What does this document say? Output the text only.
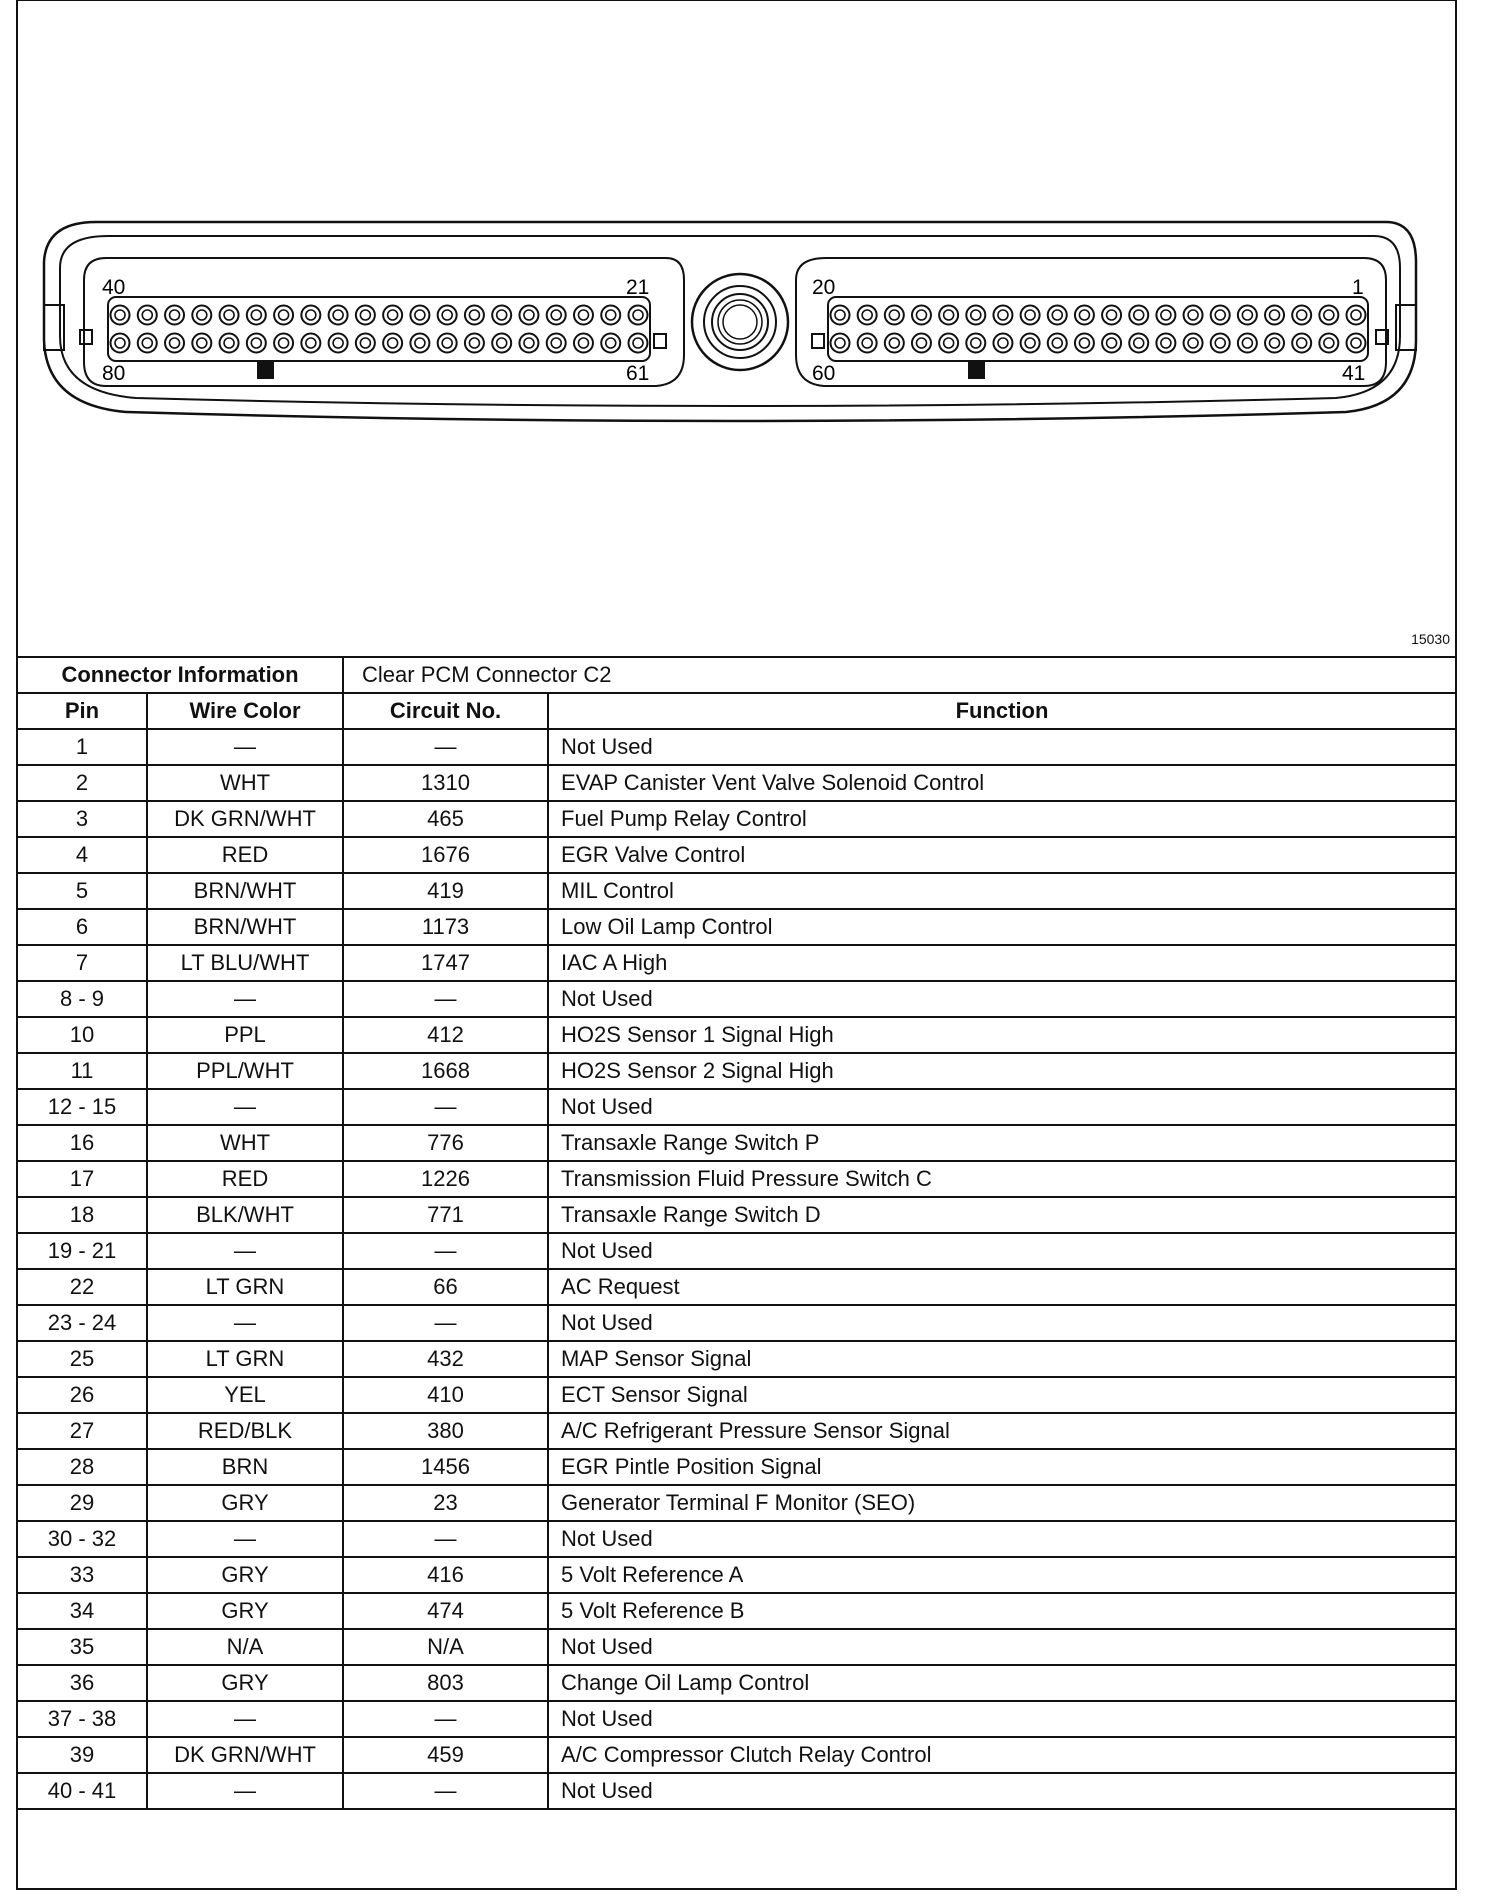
40	21
80	61
20	1
60	41
15030
Connector Information		Clear PCM Connector C2	
Pin	Wire Color	Circuit No.	Function
1	—	—	Not Used
2	WHT	1310	EVAP Canister Vent Valve Solenoid Control
3	DK GRN/WHT	465	Fuel Pump Relay Control
4	RED	1676	EGR Valve Control
5	BRN/WHT	419	MIL Control
6	BRN/WHT	1173	Low Oil Lamp Control
7	LT BLU/WHT	1747	IAC A High
8 - 9	—	—	Not Used
10	PPL	412	HO2S Sensor 1 Signal High
11	PPL/WHT	1668	HO2S Sensor 2 Signal High
12 - 15	—	—	Not Used
16	WHT	776	Transaxle Range Switch P
17	RED	1226	Transmission Fluid Pressure Switch C
18	BLK/WHT	771	Transaxle Range Switch D
19 - 21	—	—	Not Used
22	LT GRN	66	AC Request
23 - 24	—	—	Not Used
25	LT GRN	432	MAP Sensor Signal
26	YEL	410	ECT Sensor Signal
27	RED/BLK	380	A/C Refrigerant Pressure Sensor Signal
28	BRN	1456	EGR Pintle Position Signal
29	GRY	23	Generator Terminal F Monitor (SEO)
30 - 32	—	—	Not Used
33	GRY	416	5 Volt Reference A
34	GRY	474	5 Volt Reference B
35	N/A	N/A	Not Used
36	GRY	803	Change Oil Lamp Control
37 - 38	—	—	Not Used
39	DK GRN/WHT	459	A/C Compressor Clutch Relay Control
40 - 41	—	—	Not Used
